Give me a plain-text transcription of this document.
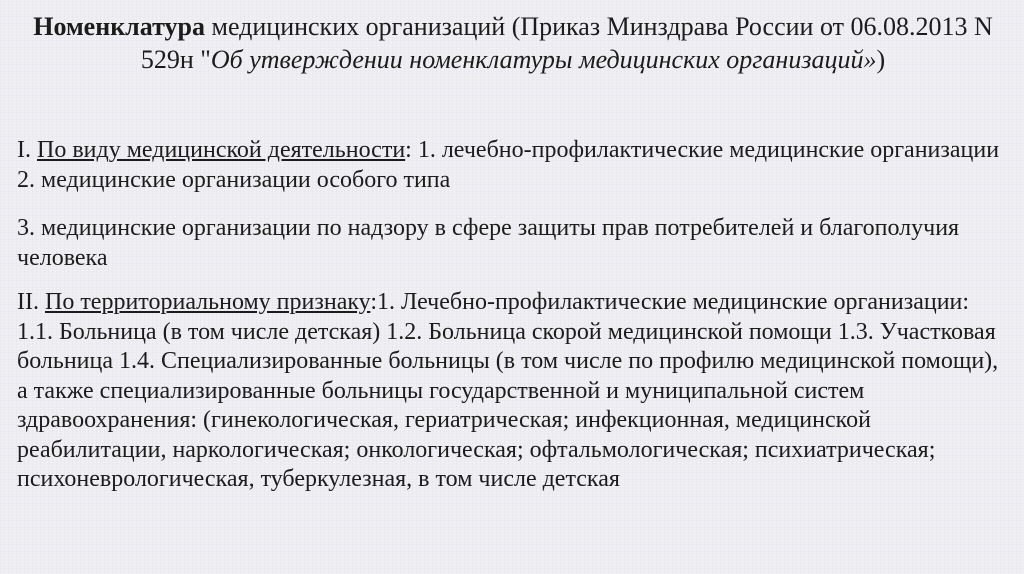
Номенклатура медицинских организаций (Приказ Минздрава России от 06.08.2013 N 529н "Об утверждении номенклатуры медицинских организаций»)
I. По виду медицинской деятельности: 1. лечебно-профилактические медицинские организации 2. медицинские организации особого типа
3. медицинские организации по надзору в сфере защиты прав потребителей и благополучия человека
II. По территориальному признаку:1. Лечебно-профилактические медицинские организации: 1.1. Больница (в том числе детская) 1.2. Больница скорой медицинской помощи 1.3. Участковая больница 1.4. Специализированные больницы (в том числе по профилю медицинской помощи), а также специализированные больницы государственной и муниципальной систем здравоохранения: (гинекологическая, гериатрическая; инфекционная, медицинской реабилитации, наркологическая; онкологическая; офтальмологическая; психиатрическая; психоневрологическая, туберкулезная, в том числе детская
